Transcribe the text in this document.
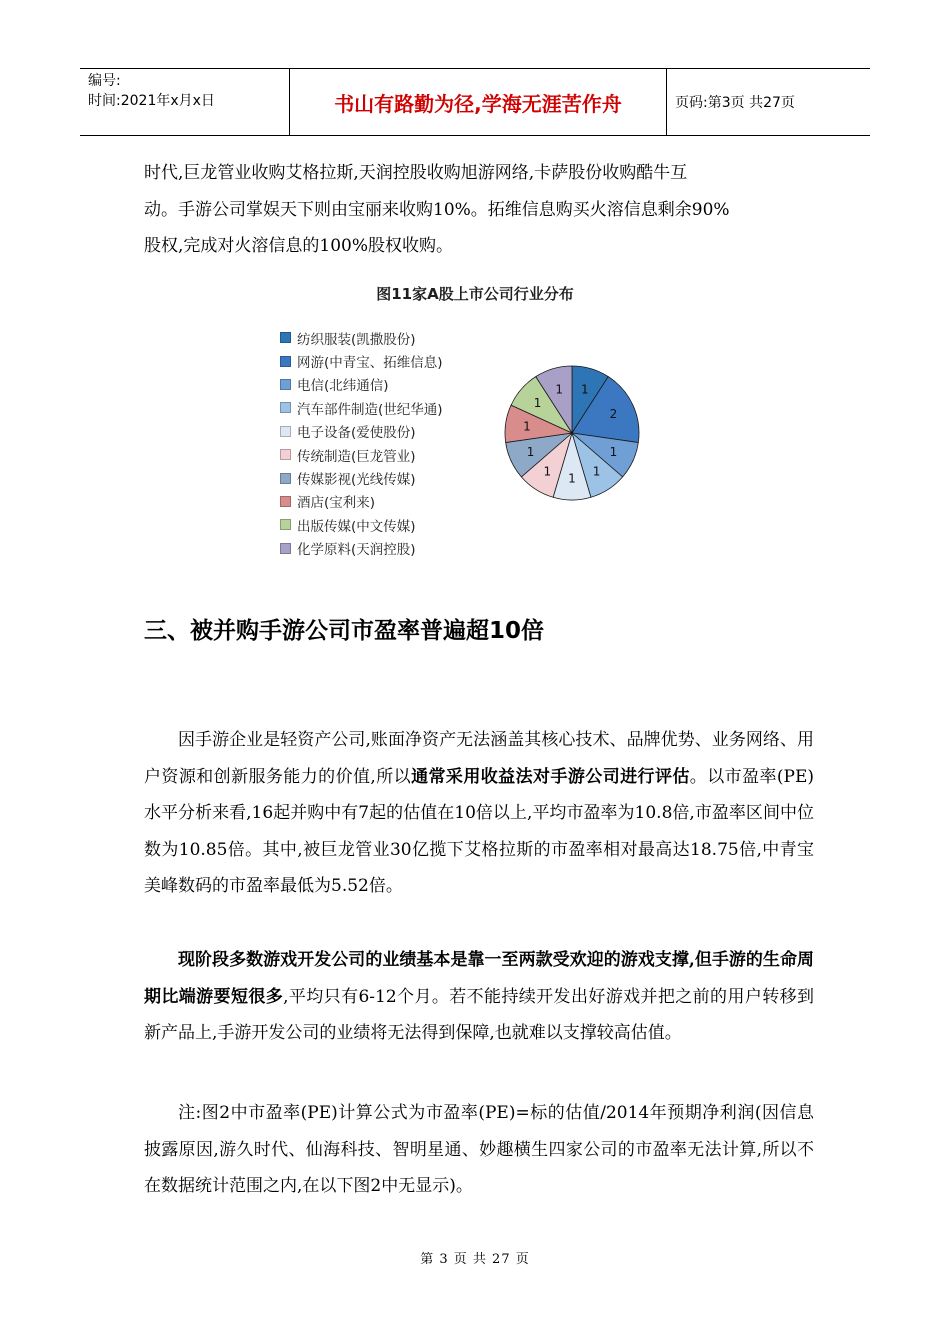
编号:
时间:2021年x月x日	书山有路勤为径,学海无涯苦作舟	页码:第3页 共27页

时代,巨龙管业收购艾格拉斯,天润控股收购旭游网络,卡萨股份收购酷牛互
动。手游公司掌娱天下则由宝丽来收购10%。拓维信息购买火溶信息剩余90%
股权,完成对火溶信息的100%股权收购。

图11家A股上市公司行业分布
纺织服装(凯撒股份)
网游(中青宝、拓维信息)
电信(北纬通信)
汽车部件制造(世纪华通)
电子设备(爱使股份)
传统制造(巨龙管业)
传媒影视(光线传媒)
酒店(宝利来)
出版传媒(中文传媒)
化学原料(天润控股)
1
2
1
1
1
1
1
1
1
1
三、被并购手游公司市盈率普遍超10倍

因手游企业是轻资产公司,账面净资产无法涵盖其核心技术、品牌优势、业务网络、用户资源和创新服务能力的价值,所以通常采用收益法对手游公司进行评估。以市盈率(PE)水平分析来看,16起并购中有7起的估值在10倍以上,平均市盈率为10.8倍,市盈率区间中位数为10.85倍。其中,被巨龙管业30亿揽下艾格拉斯的市盈率相对最高达18.75倍,中青宝美峰数码的市盈率最低为5.52倍。

现阶段多数游戏开发公司的业绩基本是靠一至两款受欢迎的游戏支撑,但手游的生命周期比端游要短很多,平均只有6-12个月。若不能持续开发出好游戏并把之前的用户转移到新产品上,手游开发公司的业绩将无法得到保障,也就难以支撑较高估值。

注:图2中市盈率(PE)计算公式为市盈率(PE)=标的估值/2014年预期净利润(因信息披露原因,游久时代、仙海科技、智明星通、妙趣横生四家公司的市盈率无法计算,所以不在数据统计范围之内,在以下图2中无显示)。

第 3 页 共 27 页
